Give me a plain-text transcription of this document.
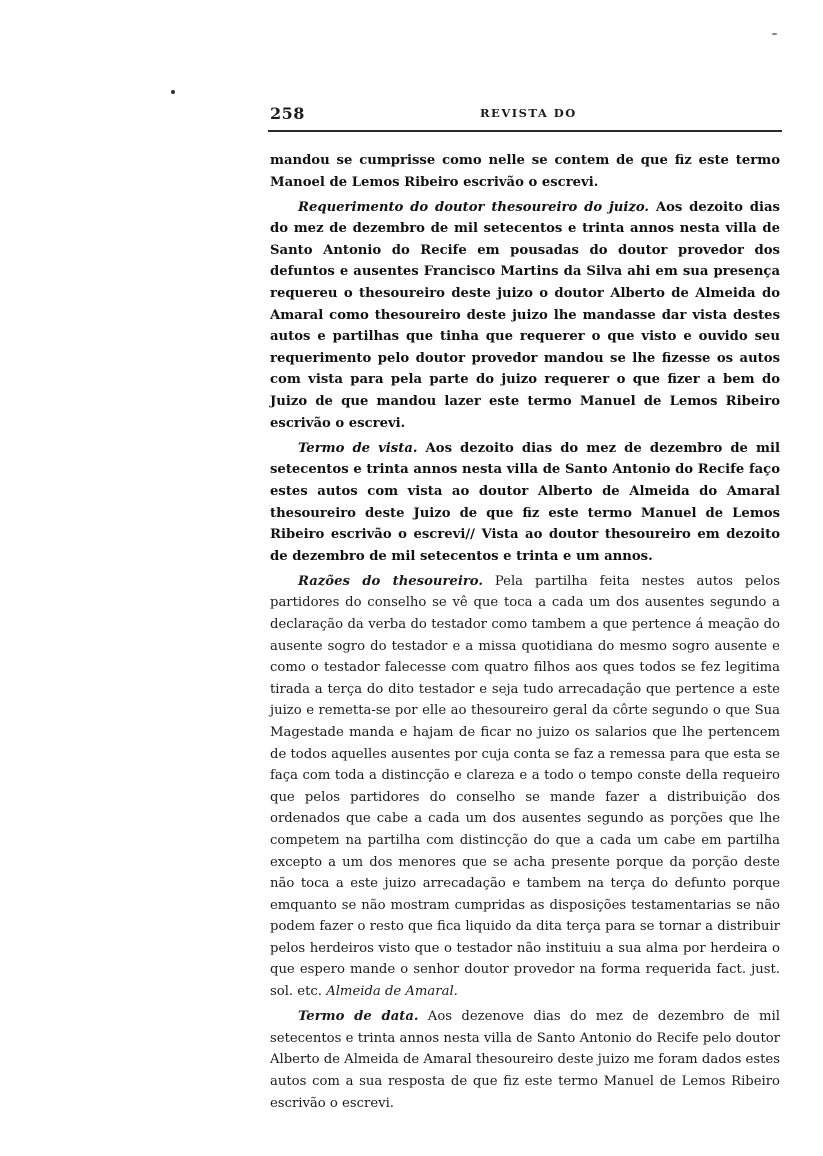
258	REVISTA DO

mandou se cumprisse como nelle se contem de que fiz este termo Manoel de Lemos Ribeiro escrivão o escrevi.

Requerimento do doutor thesoureiro do juizo. Aos dezoito dias do mez de dezembro de mil setecentos e trinta annos nesta villa de Santo Antonio do Recife em pousadas do doutor provedor dos defuntos e ausentes Francisco Martins da Silva ahi em sua presença requereu o thesoureiro deste juizo o doutor Alberto de Almeida do Amaral como thesoureiro deste juizo lhe mandasse dar vista destes autos e partilhas que tinha que requerer o que visto e ouvido seu requerimento pelo doutor provedor mandou se lhe fizesse os autos com vista para pela parte do juizo requerer o que fizer a bem do Juizo de que mandou lazer este termo Manuel de Lemos Ribeiro escrivão o escrevi.

Termo de vista. Aos dezoito dias do mez de dezembro de mil setecentos e trinta annos nesta villa de Santo Antonio do Recife faço estes autos com vista ao doutor Alberto de Almeida do Amaral thesoureiro deste Juizo de que fiz este termo Manuel de Lemos Ribeiro escrivão o escrevi// Vista ao doutor thesoureiro em dezoito de dezembro de mil setecentos e trinta e um annos.

Razões do thesoureiro. Pela partilha feita nestes autos pelos partidores do conselho se vê que toca a cada um dos ausentes segundo a declaração da verba do testador como tambem a que pertence á meação do ausente sogro do testador e a missa quotidiana do mesmo sogro ausente e como o testador falecesse com quatro filhos aos ques todos se fez legitima tirada a terça do dito testador e seja tudo arrecadação que pertence a este juizo e remetta-se por elle ao thesoureiro geral da côrte segundo o que Sua Magestade manda e hajam de ficar no juizo os salarios que lhe pertencem de todos aquelles ausentes por cuja conta se faz a remessa para que esta se faça com toda a distincção e clareza e a todo o tempo conste della requeiro que pelos partidores do conselho se mande fazer a distribuição dos ordenados que cabe a cada um dos ausentes segundo as porções que lhe competem na partilha com distincção do que a cada um cabe em partilha excepto a um dos menores que se acha presente porque da porção deste não toca a este juizo arrecadação e tambem na terça do defunto porque emquanto se não mostram cumpridas as disposições testamentarias se não podem fazer o resto que fica liquido da dita terça para se tornar a distribuir pelos herdeiros visto que o testador não instituiu a sua alma por herdeira o que espero mande o senhor doutor provedor na forma requerida fact. just. sol. etc. Almeida de Amaral.

Termo de data. Aos dezenove dias do mez de dezembro de mil setecentos e trinta annos nesta villa de Santo Antonio do Recife pelo doutor Alberto de Almeida de Amaral thesoureiro deste juizo me foram dados estes autos com a sua resposta de que fiz este termo Manuel de Lemos Ribeiro escrivão o escrevi.
